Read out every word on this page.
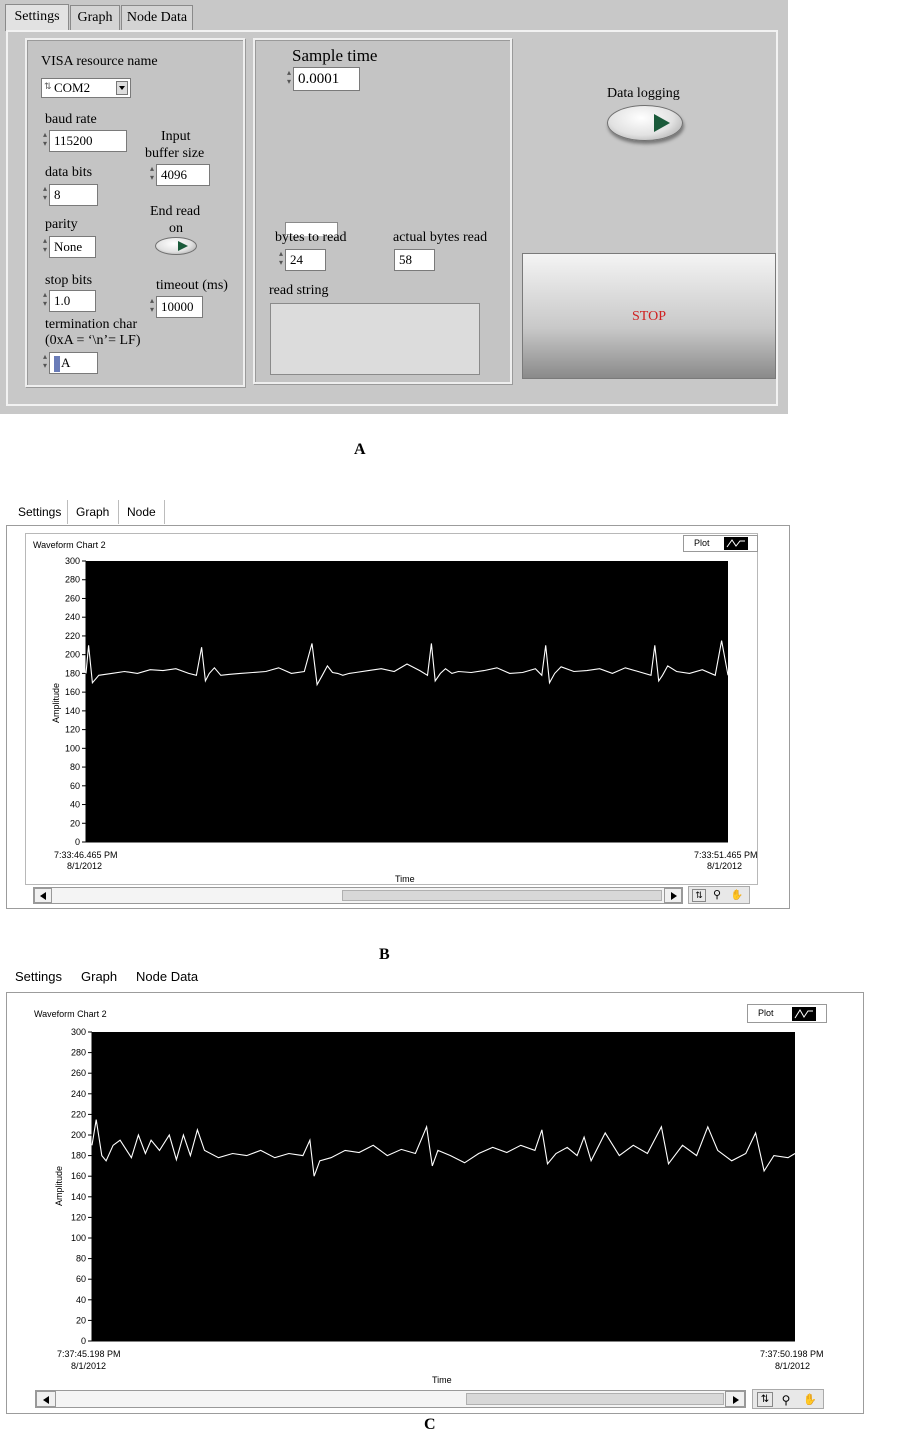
Settings	Graph	Node Data
VISA resource name
⇅ COM2
baud rate
▴
▾ 115200
data bits
▴
▾ 8
parity
▴
▾ None
stop bits
▴
▾ 1.0
Input
buffer size
▴
▾ 4096
End read
on
timeout (ms)
▴
▾ 10000
termination char
(0xA = ‘\n’= LF)
▴
▾	A
Sample time
▴
▾ 0.0001
bytes to read
▴
▾ 24
actual bytes read
58
read string
Data logging
STOP
A
Settings	Graph	Node
Waveform Chart 2	Plot
0
20
40
60
80
100
120
140
160
180
200
220
240
260
280
300
7:33:46.465 PM
8/1/2012
7:33:51.465 PM
8/1/2012
Time
Amplitude
⇅ ⚲ ✋
B
Settings Graph Node Data
Waveform Chart 2	Plot
0
20
40
60
80
100
120
140
160
180
200
220
240
260
280
300
7:37:45.198 PM
8/1/2012
7:37:50.198 PM
8/1/2012
Time
Amplitude
⇅	⚲	✋
C
